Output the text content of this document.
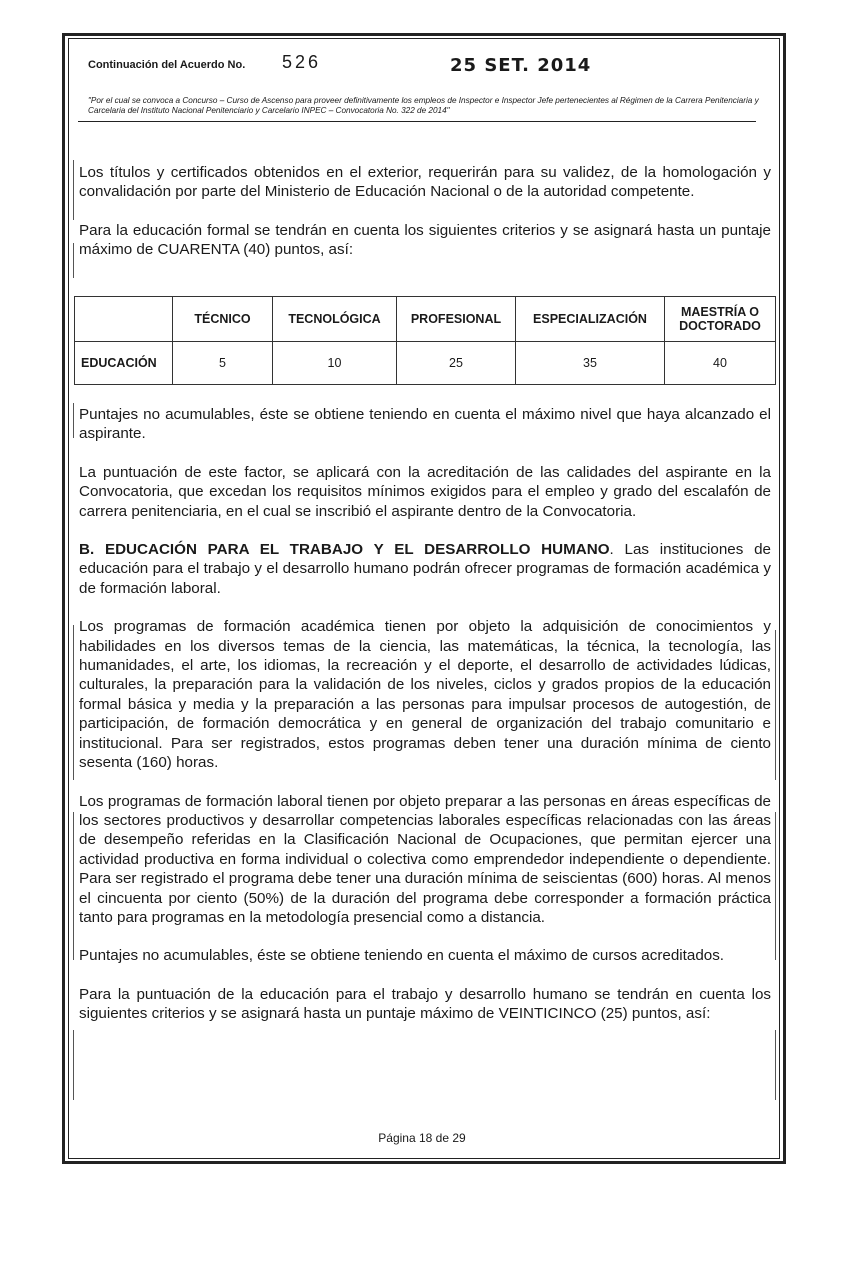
Continuación del Acuerdo No. 526	25 SET. 2014
"Por el cual se convoca a Concurso – Curso de Ascenso para proveer definitivamente los empleos de Inspector e Inspector Jefe pertenecientes al Régimen de la Carrera Penitenciaria y Carcelaria del Instituto Nacional Penitenciario y Carcelario INPEC – Convocatoria No. 322 de 2014"

Los títulos y certificados obtenidos en el exterior, requerirán para su validez, de la homologación y convalidación por parte del Ministerio de Educación Nacional o de la autoridad competente.

Para la educación formal se tendrán en cuenta los siguientes criterios y se asignará hasta un puntaje máximo de CUARENTA (40) puntos, así:

	TÉCNICO	TECNOLÓGICA	PROFESIONAL	ESPECIALIZACIÓN	MAESTRÍA O DOCTORADO
EDUCACIÓN	5	10	25	35	40

Puntajes no acumulables, éste se obtiene teniendo en cuenta el máximo nivel que haya alcanzado el aspirante.

La puntuación de este factor, se aplicará con la acreditación de las calidades del aspirante en la Convocatoria, que excedan los requisitos mínimos exigidos para el empleo y grado del escalafón de carrera penitenciaria, en el cual se inscribió el aspirante dentro de la Convocatoria.

B. EDUCACIÓN PARA EL TRABAJO Y EL DESARROLLO HUMANO. Las instituciones de educación para el trabajo y el desarrollo humano podrán ofrecer programas de formación académica y de formación laboral.

Los programas de formación académica tienen por objeto la adquisición de conocimientos y habilidades en los diversos temas de la ciencia, las matemáticas, la técnica, la tecnología, las humanidades, el arte, los idiomas, la recreación y el deporte, el desarrollo de actividades lúdicas, culturales, la preparación para la validación de los niveles, ciclos y grados propios de la educación formal básica y media y la preparación a las personas para impulsar procesos de autogestión, de participación, de formación democrática y en general de organización del trabajo comunitario e institucional. Para ser registrados, estos programas deben tener una duración mínima de ciento sesenta (160) horas.

Los programas de formación laboral tienen por objeto preparar a las personas en áreas específicas de los sectores productivos y desarrollar competencias laborales específicas relacionadas con las áreas de desempeño referidas en la Clasificación Nacional de Ocupaciones, que permitan ejercer una actividad productiva en forma individual o colectiva como emprendedor independiente o dependiente. Para ser registrado el programa debe tener una duración mínima de seiscientas (600) horas. Al menos el cincuenta por ciento (50%) de la duración del programa debe corresponder a formación práctica tanto para programas en la metodología presencial como a distancia.

Puntajes no acumulables, éste se obtiene teniendo en cuenta el máximo de cursos acreditados.

Para la puntuación de la educación para el trabajo y desarrollo humano se tendrán en cuenta los siguientes criterios y se asignará hasta un puntaje máximo de VEINTICINCO (25) puntos, así:

Página 18 de 29
